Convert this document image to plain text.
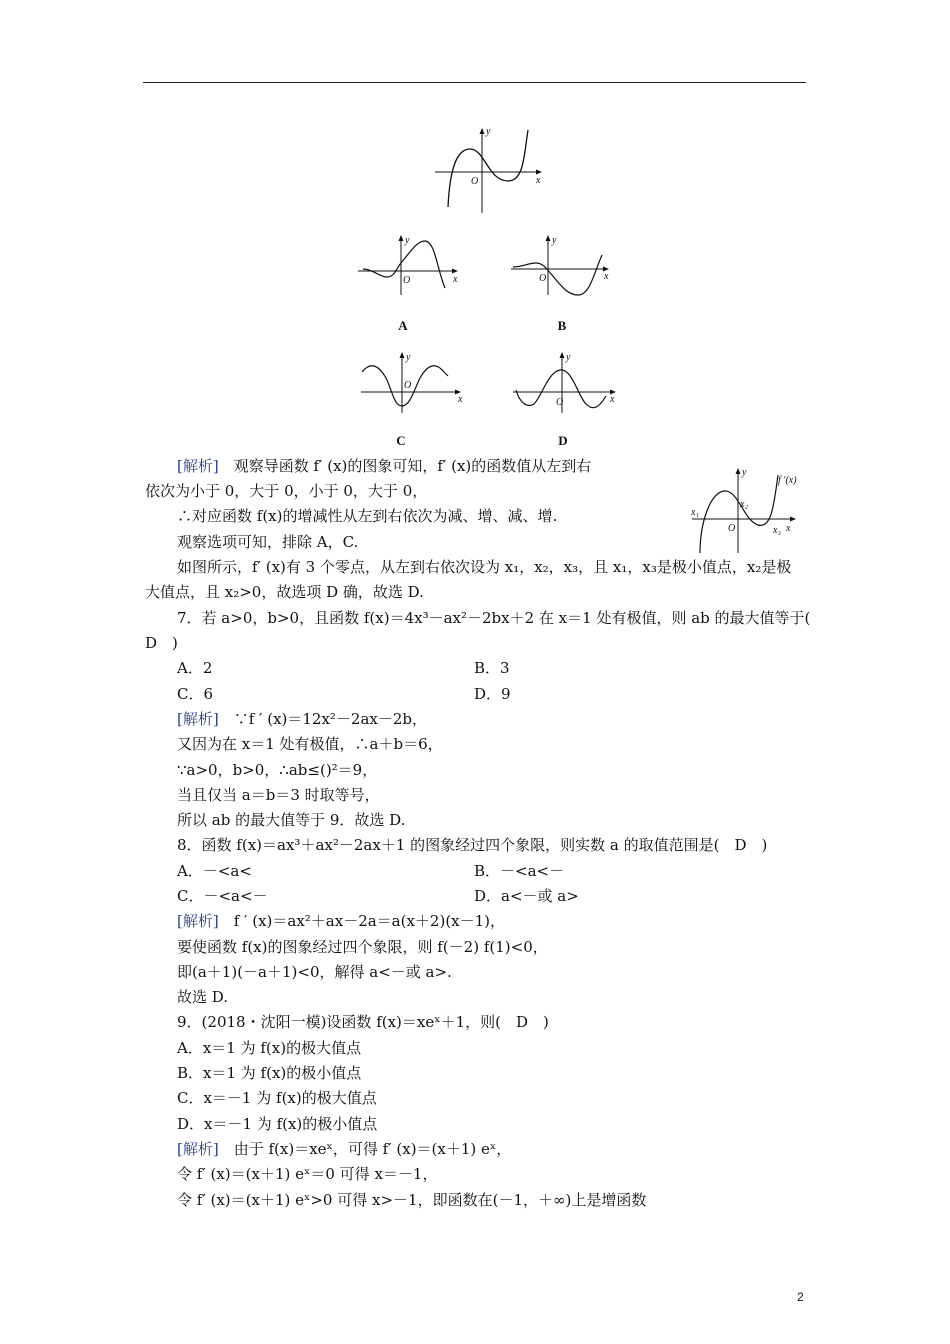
y
x
O
y
x
O
A
y
x
O
B
y
x
O
C
y
x
O
D
y
x
O
f ′(x)
x₁
x₂
x₃
[解析]　观察导函数 f′ (x)的图象可知，f′ (x)的函数值从左到右
依次为小于 0，大于 0，小于 0，大于 0，
∴对应函数 f(x)的增减性从左到右依次为减、增、减、增.
观察选项可知，排除 A，C.
如图所示，f′ (x)有 3 个零点，从左到右依次设为 x₁，x₂，x₃，且 x₁，x₃是极小值点，x₂是极
大值点，且 x₂>0，故选项 D 确，故选 D.
7．若 a>0，b>0，且函数 f(x)＝4x³－ax²－2bx＋2 在 x＝1 处有极值，则 ab 的最大值等于(
D　)
A．2	B．3
C．6	D．9
[解析]　∵f ′ (x)＝12x²－2ax－2b，
又因为在 x＝1 处有极值，∴a＋b＝6，
∵a>0，b>0，∴ab≤()²＝9，
当且仅当 a＝b＝3 时取等号，
所以 ab 的最大值等于 9．故选 D.
8．函数 f(x)＝ax³＋ax²－2ax＋1 的图象经过四个象限，则实数 a 的取值范围是(　D　)
A．－<a<	B．－<a<－
C．－<a<－	D．a<－或 a>
[解析]　f ′ (x)＝ax²＋ax－2a＝a(x＋2)(x－1)，
要使函数 f(x)的图象经过四个象限，则 f(－2) f(1)<0，
即(a＋1)(－a＋1)<0，解得 a<－或 a>.
故选 D.
9．(2018・沈阳一模)设函数 f(x)＝xeˣ＋1，则(　D　)
A．x＝1 为 f(x)的极大值点
B．x＝1 为 f(x)的极小值点
C．x＝－1 为 f(x)的极大值点
D．x＝－1 为 f(x)的极小值点
[解析]　由于 f(x)＝xeˣ，可得 f′ (x)＝(x＋1) eˣ，
令 f′ (x)＝(x＋1) eˣ＝0 可得 x＝－1，
令 f′ (x)＝(x＋1) eˣ>0 可得 x>－1，即函数在(－1，＋∞)上是增函数
2
